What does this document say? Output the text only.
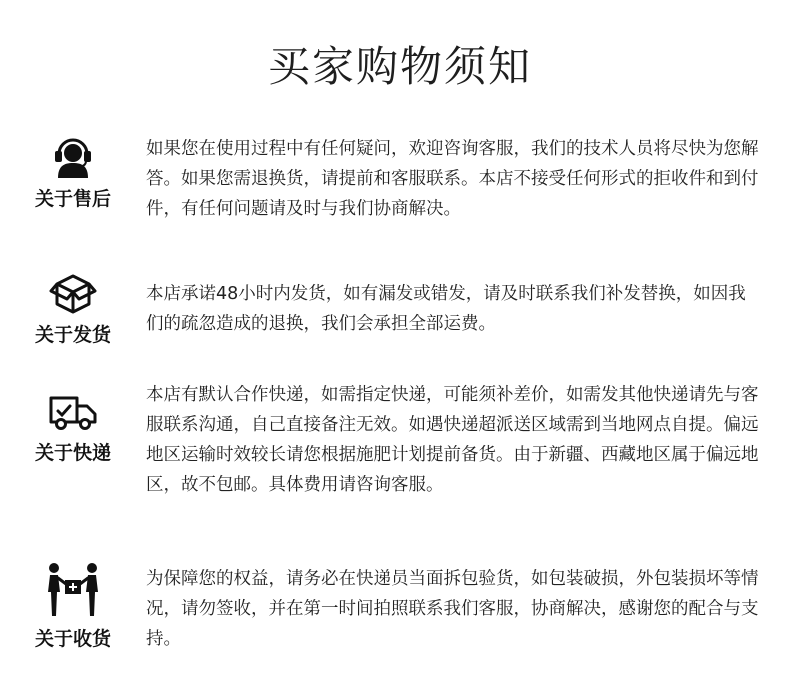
买家购物须知
关于售后
如果您在使用过程中有任何疑问，欢迎咨询客服，我们的技术人员将尽快为您解答。如果您需退换货，请提前和客服联系。本店不接受任何形式的拒收件和到付件，有任何问题请及时与我们协商解决。
关于发货
本店承诺48小时内发货，如有漏发或错发，请及时联系我们补发替换，如因我们的疏忽造成的退换，我们会承担全部运费。
关于快递
本店有默认合作快递，如需指定快递，可能须补差价，如需发其他快递请先与客服联系沟通，自己直接备注无效。如遇快递超派送区域需到当地网点自提。偏远地区运输时效较长请您根据施肥计划提前备货。由于新疆、西藏地区属于偏远地区，故不包邮。具体费用请咨询客服。
关于收货
为保障您的权益，请务必在快递员当面拆包验货，如包装破损，外包装损坏等情况，请勿签收，并在第一时间拍照联系我们客服，协商解决，感谢您的配合与支持。
